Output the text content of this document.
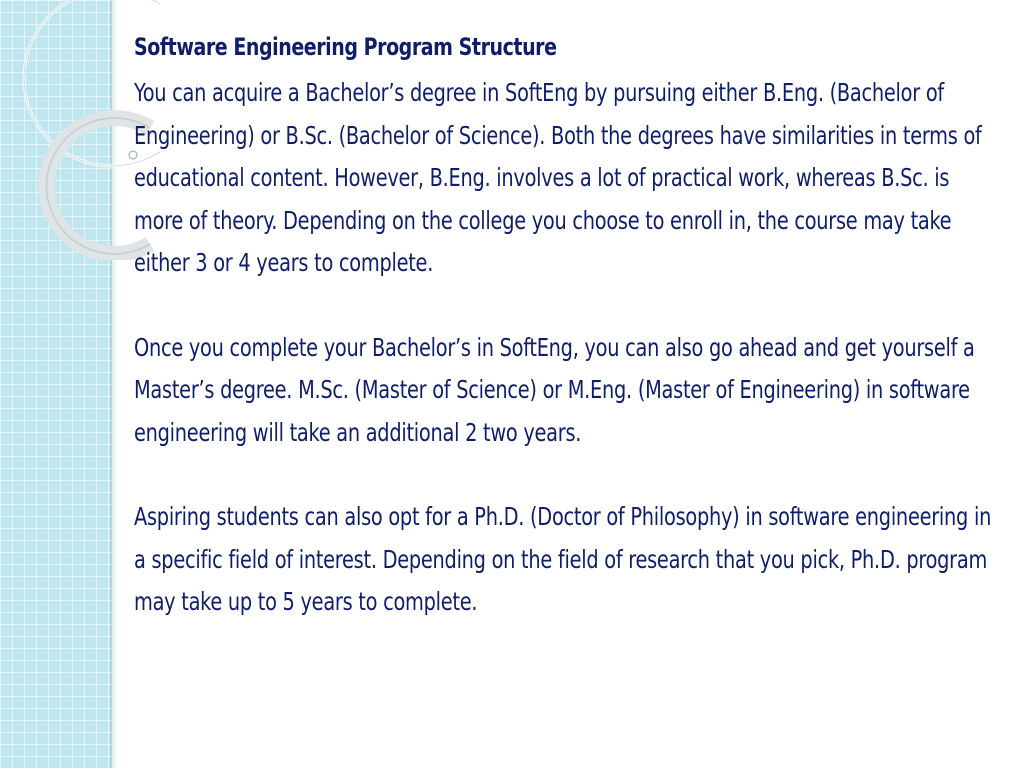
Software Engineering Program Structure
You can acquire a Bachelor’s degree in SoftEng by pursuing either B.Eng. (Bachelor of Engineering) or B.Sc. (Bachelor of Science). Both the degrees have similarities in terms of educational content. However, B.Eng. involves a lot of practical work, whereas B.Sc. is more of theory. Depending on the college you choose to enroll in, the course may take either 3 or 4 years to complete.
Once you complete your Bachelor’s in SoftEng, you can also go ahead and get yourself a Master’s degree. M.Sc. (Master of Science) or M.Eng. (Master of Engineering) in software engineering will take an additional 2 two years.
Aspiring students can also opt for a Ph.D. (Doctor of Philosophy) in software engineering in a specific field of interest. Depending on the field of research that you pick, Ph.D. program may take up to 5 years to complete.
